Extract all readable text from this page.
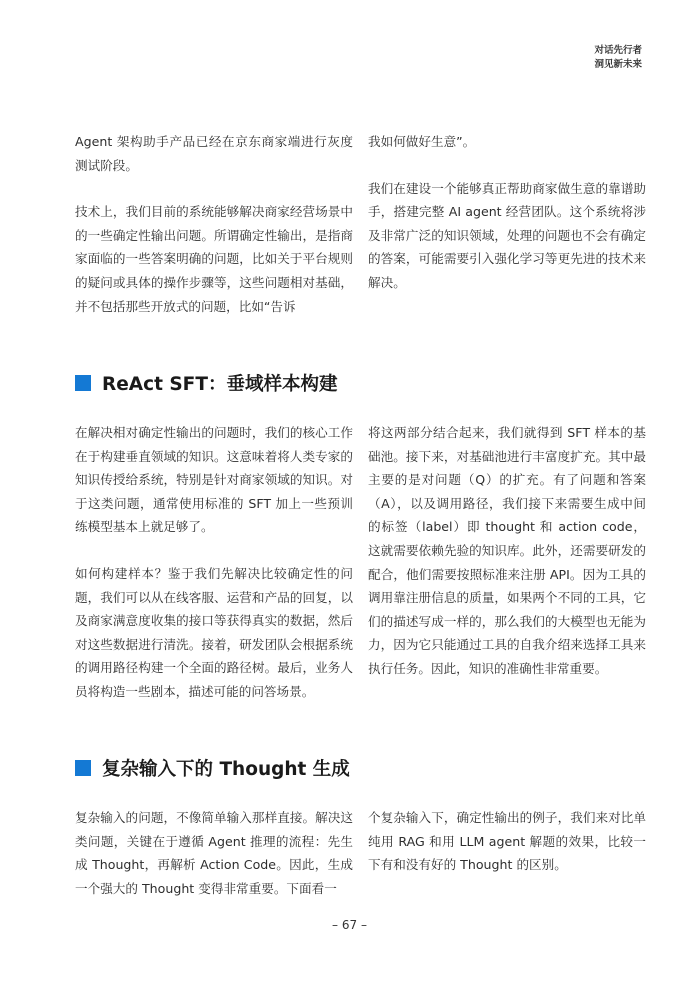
对话先行者
洞见新未来

Agent 架构助手产品已经在京东商家端进行灰度测试阶段。

技术上，我们目前的系统能够解决商家经营场景中的一些确定性输出问题。所谓确定性输出，是指商家面临的一些答案明确的问题，比如关于平台规则的疑问或具体的操作步骤等，这些问题相对基础，并不包括那些开放式的问题，比如“告诉

我如何做好生意”。

我们在建设一个能够真正帮助商家做生意的靠谱助手，搭建完整 AI agent 经营团队。这个系统将涉及非常广泛的知识领域，处理的问题也不会有确定的答案，可能需要引入强化学习等更先进的技术来解决。

ReAct SFT：垂域样本构建

在解决相对确定性输出的问题时，我们的核心工作在于构建垂直领域的知识。这意味着将人类专家的知识传授给系统，特别是针对商家领域的知识。对于这类问题，通常使用标准的 SFT 加上一些预训练模型基本上就足够了。

如何构建样本？鉴于我们先解决比较确定性的问题，我们可以从在线客服、运营和产品的回复，以及商家满意度收集的接口等获得真实的数据，然后对这些数据进行清洗。接着，研发团队会根据系统的调用路径构建一个全面的路径树。最后，业务人员将构造一些剧本，描述可能的问答场景。

将这两部分结合起来，我们就得到 SFT 样本的基础池。接下来，对基础池进行丰富度扩充。其中最主要的是对问题（Q）的扩充。有了问题和答案（A），以及调用路径，我们接下来需要生成中间的标签（label）即 thought 和 action code，这就需要依赖先验的知识库。此外，还需要研发的配合，他们需要按照标准来注册 API。因为工具的调用靠注册信息的质量，如果两个不同的工具，它们的描述写成一样的，那么我们的大模型也无能为力，因为它只能通过工具的自我介绍来选择工具来执行任务。因此，知识的准确性非常重要。

复杂输入下的 Thought 生成

复杂输入的问题，不像简单输入那样直接。解决这类问题，关键在于遵循 Agent 推理的流程：先生成 Thought，再解析 Action Code。因此，生成一个强大的 Thought 变得非常重要。下面看一

个复杂输入下，确定性输出的例子，我们来对比单纯用 RAG 和用 LLM agent 解题的效果，比较一下有和没有好的 Thought 的区别。

– 67 –
